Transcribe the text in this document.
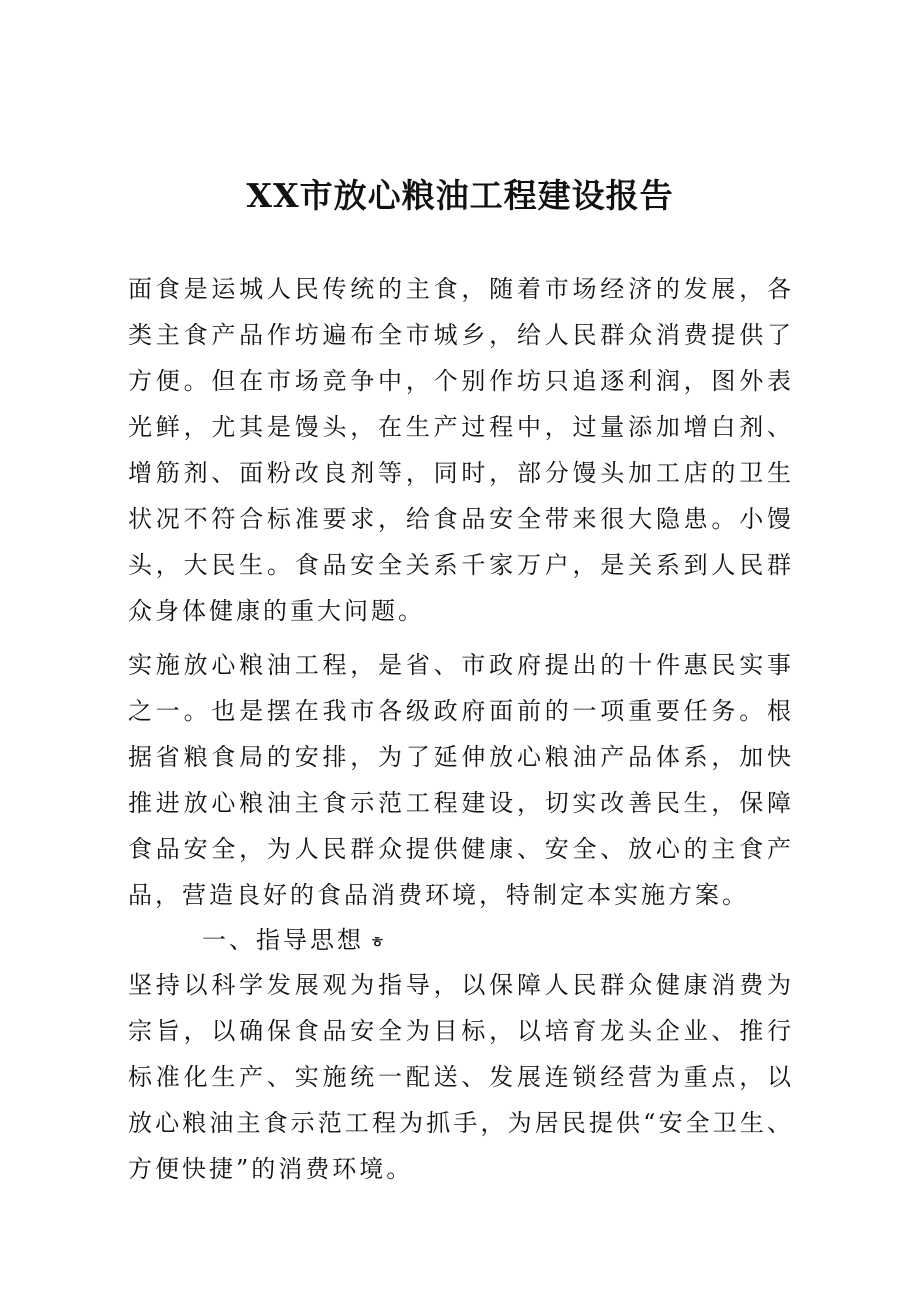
XX市放心粮油工程建设报告

面食是运城人民传统的主食，随着市场经济的发展，各类主食产品作坊遍布全市城乡，给人民群众消费提供了方便。但在市场竞争中，个别作坊只追逐利润，图外表光鲜，尤其是馒头，在生产过程中，过量添加增白剂、增筋剂、面粉改良剂等，同时，部分馒头加工店的卫生状况不符合标准要求，给食品安全带来很大隐患。小馒头，大民生。食品安全关系千家万户，是关系到人民群众身体健康的重大问题。

实施放心粮油工程，是省、市政府提出的十件惠民实事之一。也是摆在我市各级政府面前的一项重要任务。根据省粮食局的安排，为了延伸放心粮油产品体系，加快推进放心粮油主食示范工程建设，切实改善民生，保障食品安全，为人民群众提供健康、安全、放心的主食产品，营造良好的食品消费环境，特制定本实施方案。

一、指导思想 ㅎ

坚持以科学发展观为指导，以保障人民群众健康消费为宗旨，以确保食品安全为目标，以培育龙头企业、推行标准化生产、实施统一配送、发展连锁经营为重点，以放心粮油主食示范工程为抓手，为居民提供“安全卫生、方便快捷”的消费环境。
